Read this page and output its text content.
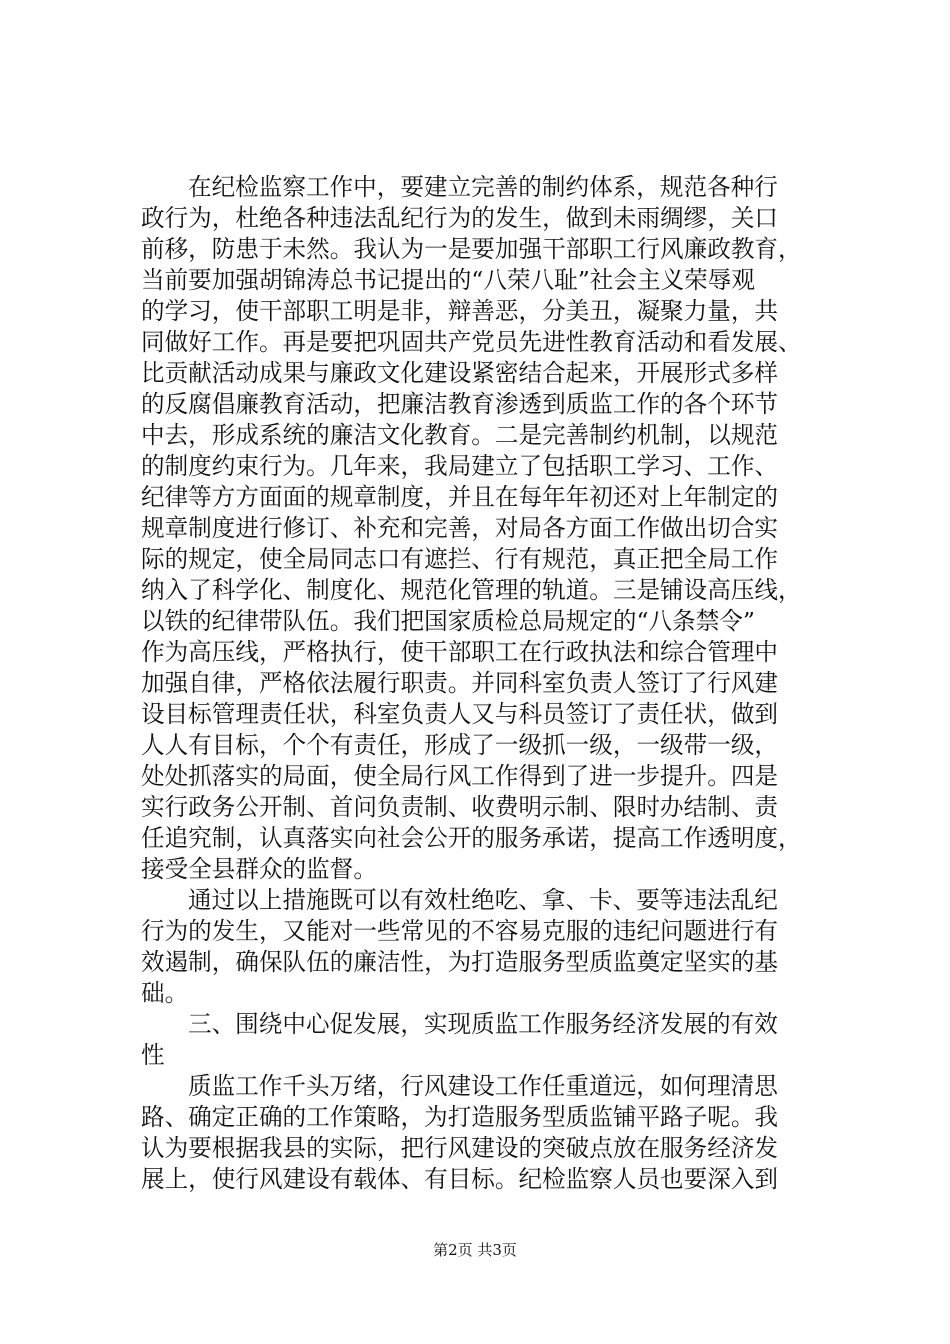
在纪检监察工作中，要建立完善的制约体系，规范各种行
政行为，杜绝各种违法乱纪行为的发生，做到未雨绸缪，关口
前移，防患于未然。我认为一是要加强干部职工行风廉政教育，
当前要加强胡锦涛总书记提出的“八荣八耻”社会主义荣辱观
的学习，使干部职工明是非，辩善恶，分美丑，凝聚力量，共
同做好工作。再是要把巩固共产党员先进性教育活动和看发展、
比贡献活动成果与廉政文化建设紧密结合起来，开展形式多样
的反腐倡廉教育活动，把廉洁教育渗透到质监工作的各个环节
中去，形成系统的廉洁文化教育。二是完善制约机制，以规范
的制度约束行为。几年来，我局建立了包括职工学习、工作、
纪律等方方面面的规章制度，并且在每年年初还对上年制定的
规章制度进行修订、补充和完善，对局各方面工作做出切合实
际的规定，使全局同志口有遮拦、行有规范，真正把全局工作
纳入了科学化、制度化、规范化管理的轨道。三是铺设高压线，
以铁的纪律带队伍。我们把国家质检总局规定的“八条禁令”
作为高压线，严格执行，使干部职工在行政执法和综合管理中
加强自律，严格依法履行职责。并同科室负责人签订了行风建
设目标管理责任状，科室负责人又与科员签订了责任状，做到
人人有目标，个个有责任，形成了一级抓一级，一级带一级，
处处抓落实的局面，使全局行风工作得到了进一步提升。四是
实行政务公开制、首问负责制、收费明示制、限时办结制、责
任追究制，认真落实向社会公开的服务承诺，提高工作透明度，
接受全县群众的监督。
通过以上措施既可以有效杜绝吃、拿、卡、要等违法乱纪
行为的发生，又能对一些常见的不容易克服的违纪问题进行有
效遏制，确保队伍的廉洁性，为打造服务型质监奠定坚实的基
础。
三、围绕中心促发展，实现质监工作服务经济发展的有效
性
质监工作千头万绪，行风建设工作任重道远，如何理清思
路、确定正确的工作策略，为打造服务型质监铺平路子呢。我
认为要根据我县的实际，把行风建设的突破点放在服务经济发
展上，使行风建设有载体、有目标。纪检监察人员也要深入到
第2页 共3页
